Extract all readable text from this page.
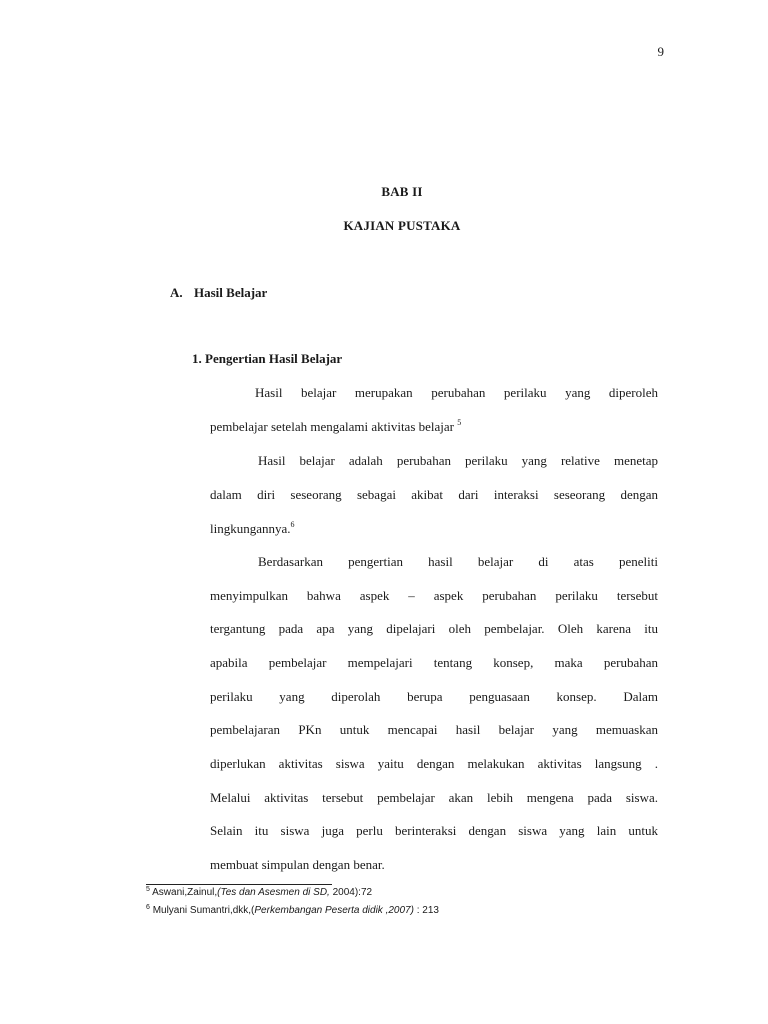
9
BAB II
KAJIAN PUSTAKA
A. Hasil Belajar
1. Pengertian Hasil Belajar
Hasil belajar merupakan perubahan perilaku yang diperoleh
pembelajar setelah mengalami aktivitas belajar $^5$
Hasil belajar adalah perubahan perilaku yang relative menetap
dalam diri seseorang sebagai akibat dari interaksi seseorang dengan
lingkungannya.$^6$
Berdasarkan pengertian hasil belajar di atas peneliti
menyimpulkan bahwa aspek – aspek perubahan perilaku tersebut
tergantung pada apa yang dipelajari oleh pembelajar. Oleh karena itu
apabila pembelajar mempelajari tentang konsep, maka perubahan
perilaku yang diperolah berupa penguasaan konsep. Dalam
pembelajaran PKn untuk mencapai hasil belajar yang memuaskan
diperlukan aktivitas siswa yaitu dengan melakukan aktivitas langsung .
Melalui aktivitas tersebut pembelajar akan lebih mengena pada siswa.
Selain itu siswa juga perlu berinteraksi dengan siswa yang lain untuk
membuat simpulan dengan benar.
$^5$ Aswani,Zainul,(Tes dan Asesmen di SD, 2004):72
$^6$ Mulyani Sumantri,dkk,(Perkembangan Peserta didik ,2007) : 213
